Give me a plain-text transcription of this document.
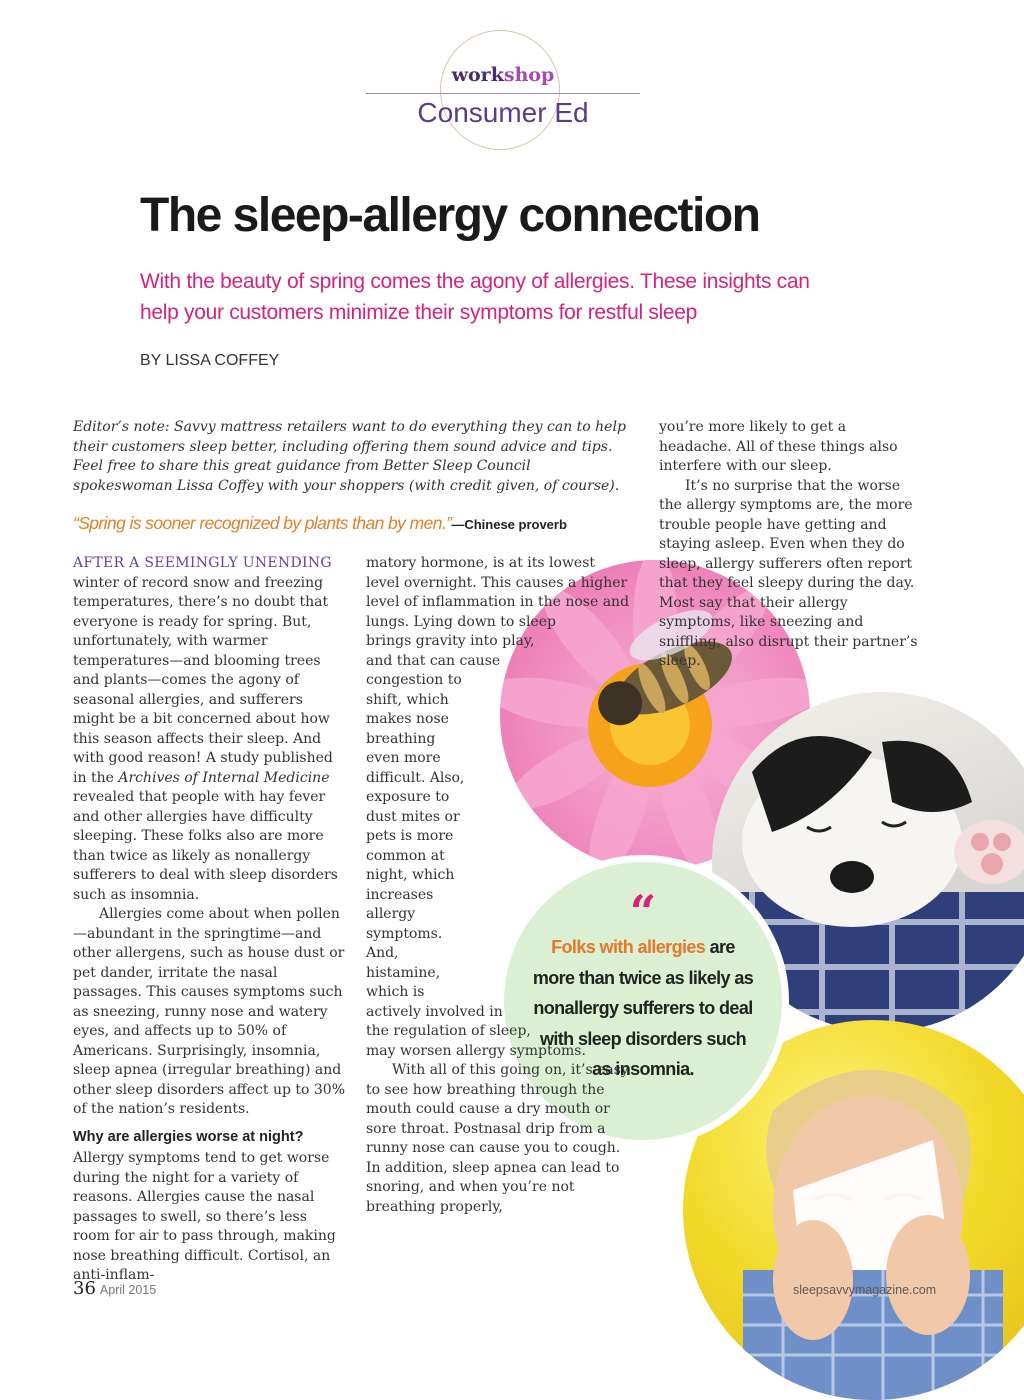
workshop
Consumer Ed
The sleep-allergy connection
With the beauty of spring comes the agony of allergies. These insights can
help your customers minimize their symptoms for restful sleep
BY LISSA COFFEY

Editor’s note: Savvy mattress retailers want to do everything they can to help their customers sleep better, including offering them sound advice and tips. Feel free to share this great guidance from Better Sleep Council spokeswoman Lissa Coffey with your shoppers (with credit given, of course).

“Spring is sooner recognized by plants than by men.”—Chinese proverb
“
Folks with allergies are more than twice as likely as nonallergy sufferers to deal with sleep disorders such as insomnia.

AFTER A SEEMINGLY UNENDING winter of record snow and freezing temperatures, there’s no doubt that everyone is ready for spring. But, unfortunately, with warmer temperatures—and blooming trees and plants—comes the agony of seasonal allergies, and sufferers might be a bit concerned about how this season affects their sleep. And with good reason! A study published in the Archives of Internal Medicine revealed that people with hay fever and other allergies have difficulty sleeping. These folks also are more than twice as likely as nonallergy sufferers to deal with sleep disorders such as insomnia.

Allergies come about when pollen—abundant in the springtime—and other allergens, such as house dust or pet dander, irritate the nasal passages. This causes symptoms such as sneezing, runny nose and watery eyes, and affects up to 50% of Americans. Surprisingly, insomnia, sleep apnea (irregular breathing) and other sleep disorders affect up to 30% of the nation’s residents.

Why are allergies worse at night?

Allergy symptoms tend to get worse during the night for a variety of reasons. Allergies cause the nasal passages to swell, so there’s less room for air to pass through, making nose breathing difficult. Cortisol, an anti-inflam-

matory hormone, is at its lowest level overnight. This causes a higher level of inflammation in the nose and lungs. Lying down to sleep brings gravity into play, and that can cause congestion to shift, which makes nose breathing even more difficult. Also, exposure to dust mites or pets is more common at night, which increases allergy symptoms. And, histamine, which is actively involved in the regulation of sleep, may worsen allergy symptoms.

With all of this going on, it’s easy to see how breathing through the mouth could cause a dry mouth or sore throat. Postnasal drip from a runny nose can cause you to cough. In addition, sleep apnea can lead to snoring, and when you’re not breathing properly,

you’re more likely to get a headache. All of these things also interfere with our sleep.

It’s no surprise that the worse the allergy symptoms are, the more trouble people have getting and staying asleep. Even when they do sleep, allergy sufferers often report that they feel sleepy during the day. Most say that their allergy symptoms, like sneezing and sniffling, also disrupt their partner’s sleep.

36 April 2015	sleepsavvymagazine.com
